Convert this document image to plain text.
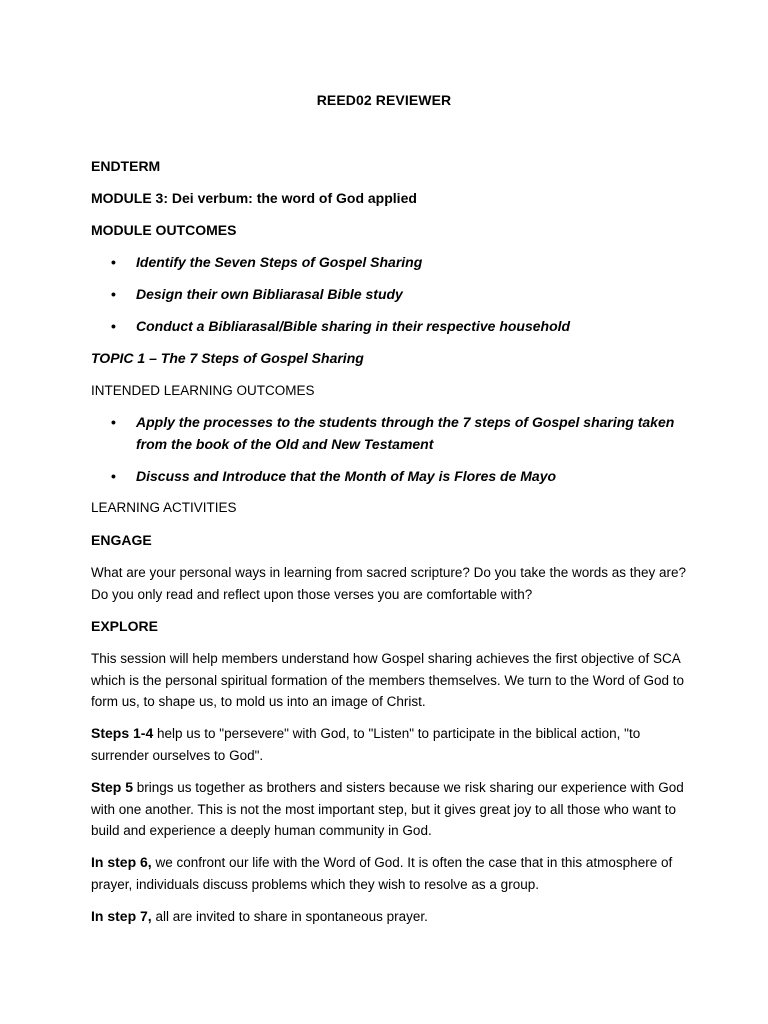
REED02 REVIEWER
ENDTERM
MODULE 3: Dei verbum: the word of God applied
MODULE OUTCOMES
• Identify the Seven Steps of Gospel Sharing
• Design their own Bibliarasal Bible study
• Conduct a Bibliarasal/Bible sharing in their respective household
TOPIC 1 – The 7 Steps of Gospel Sharing
INTENDED LEARNING OUTCOMES
• Apply the processes to the students through the 7 steps of Gospel sharing taken from the book of the Old and New Testament
• Discuss and Introduce that the Month of May is Flores de Mayo
LEARNING ACTIVITIES
ENGAGE
What are your personal ways in learning from sacred scripture? Do you take the words as they are? Do you only read and reflect upon those verses you are comfortable with?
EXPLORE
This session will help members understand how Gospel sharing achieves the first objective of SCA which is the personal spiritual formation of the members themselves. We turn to the Word of God to form us, to shape us, to mold us into an image of Christ.
Steps 1-4 help us to "persevere" with God, to "Listen" to participate in the biblical action, "to surrender ourselves to God".
Step 5 brings us together as brothers and sisters because we risk sharing our experience with God with one another. This is not the most important step, but it gives great joy to all those who want to build and experience a deeply human community in God.
In step 6, we confront our life with the Word of God. It is often the case that in this atmosphere of prayer, individuals discuss problems which they wish to resolve as a group.
In step 7, all are invited to share in spontaneous prayer.
